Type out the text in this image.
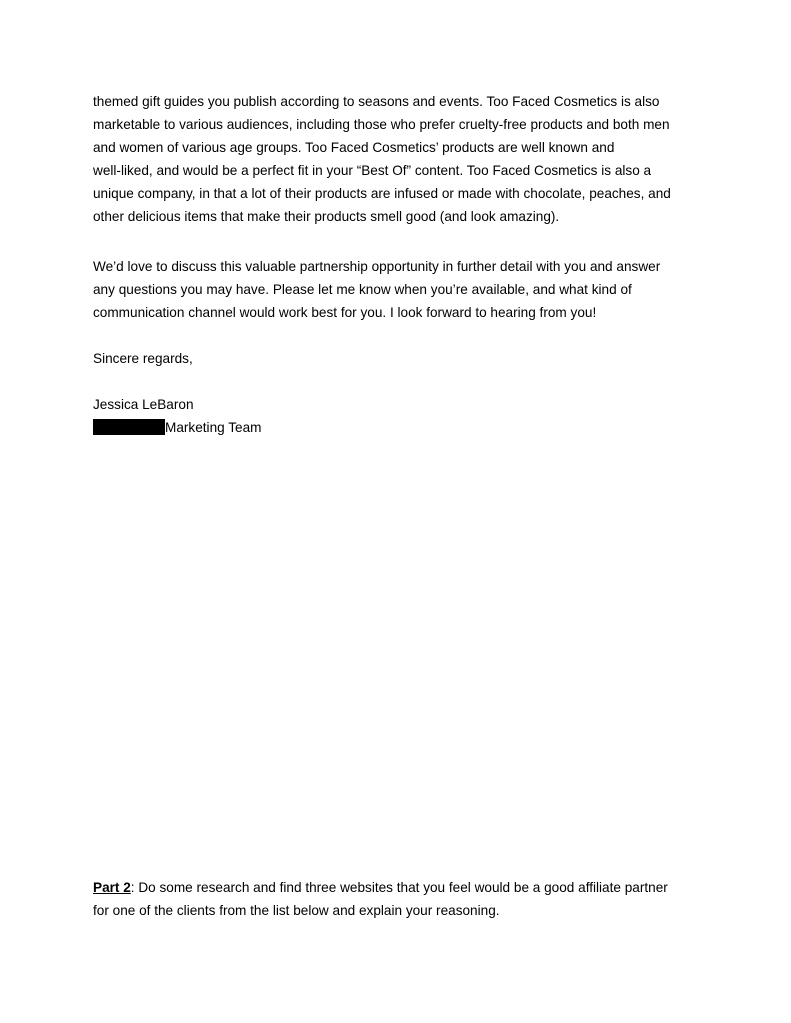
themed gift guides you publish according to seasons and events. Too Faced Cosmetics is also
marketable to various audiences, including those who prefer cruelty-free products and both men
and women of various age groups. Too Faced Cosmetics’ products are well known and
well-liked, and would be a perfect fit in your “Best Of” content. Too Faced Cosmetics is also a
unique company, in that a lot of their products are infused or made with chocolate, peaches, and
other delicious items that make their products smell good (and look amazing).
We’d love to discuss this valuable partnership opportunity in further detail with you and answer
any questions you may have. Please let me know when you’re available, and what kind of
communication channel would work best for you. I look forward to hearing from you!
Sincere regards,
Jessica LeBaron
Marketing Team
Part 2: Do some research and find three websites that you feel would be a good affiliate partner
for one of the clients from the list below and explain your reasoning.
